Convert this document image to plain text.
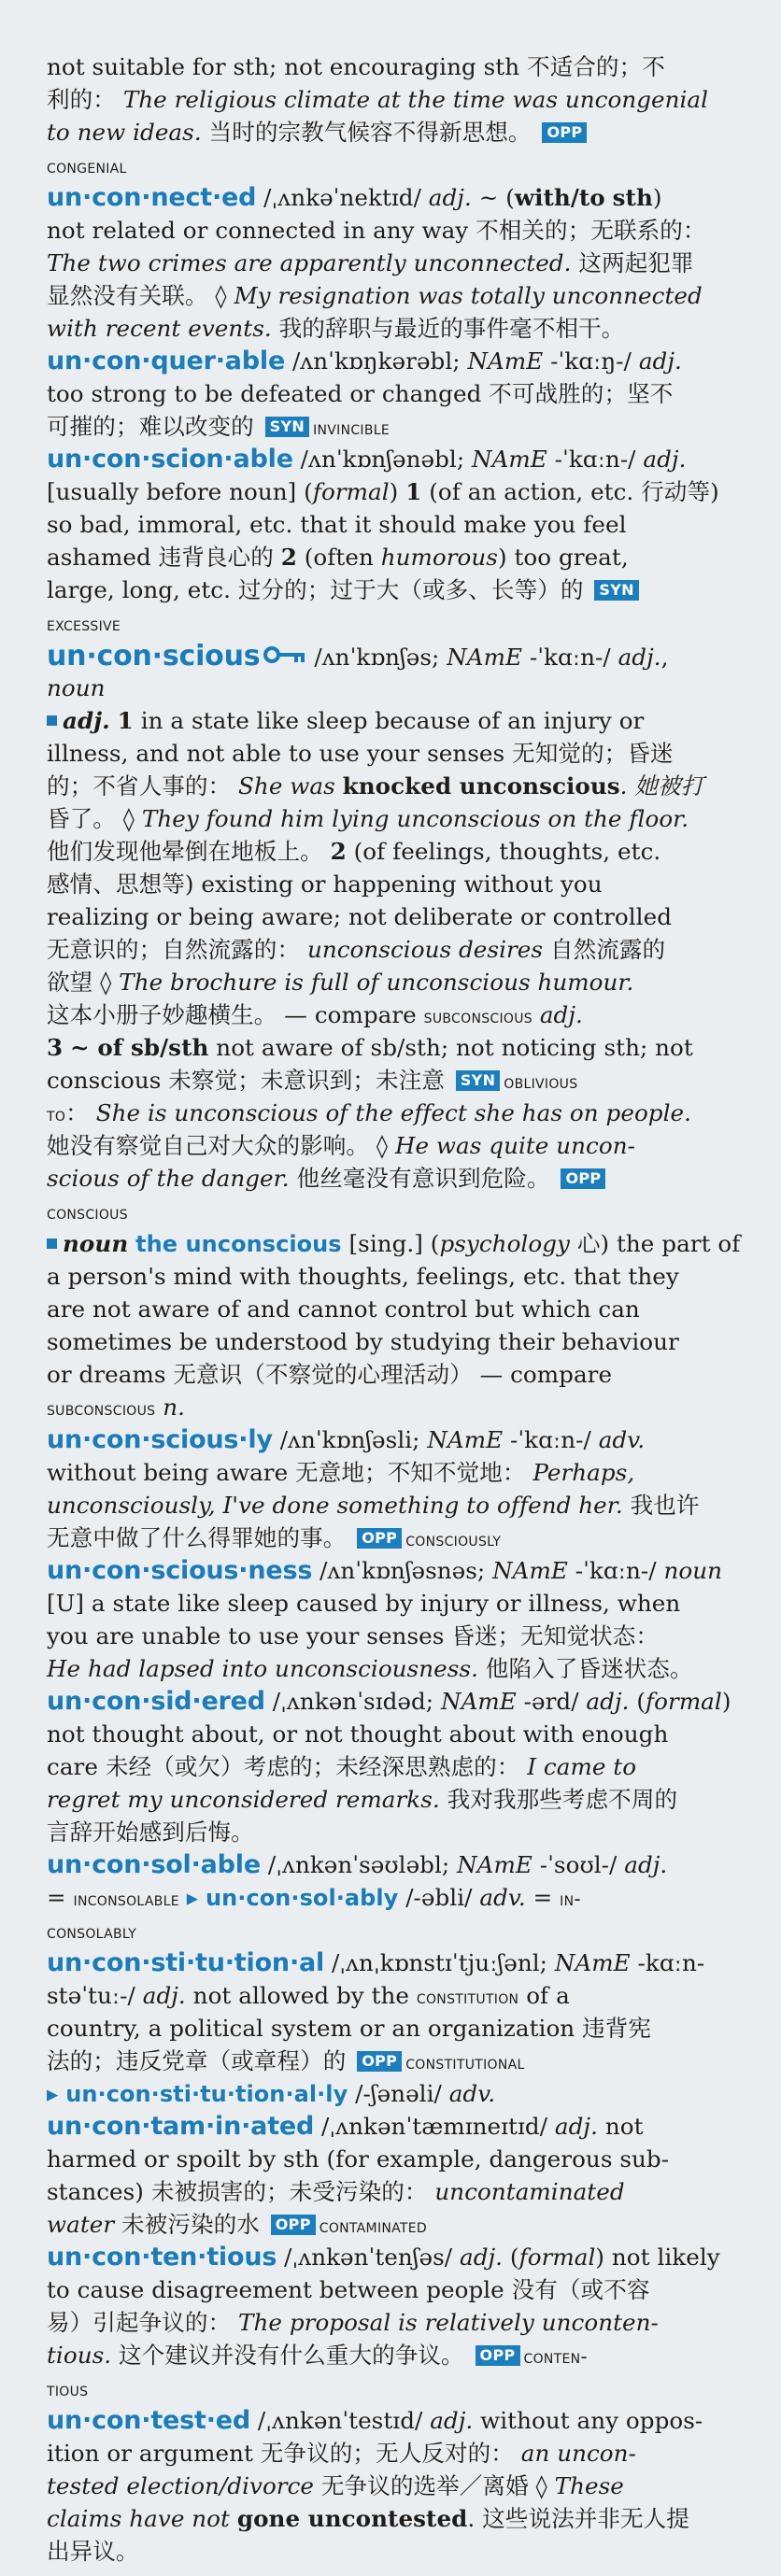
not suitable for sth; not encouraging sth 不适合的；不

利的： The religious climate at the time was uncongenial

to new ideas. 当时的宗教气候容不得新思想。 OPP

congenial

un·con·nect·ed /ˌʌnkəˈnektɪd/ adj. ~ (with/to sth)

not related or connected in any way 不相关的；无联系的：

The two crimes are apparently unconnected. 这两起犯罪

显然没有关联。 ◊ My resignation was totally unconnected

with recent events. 我的辞职与最近的事件毫不相干。

un·con·quer·able /ʌnˈkɒŋkərəbl; NAmE -ˈkɑːŋ-/ adj.

too strong to be defeated or changed 不可战胜的；坚不

可摧的；难以改变的 SYN invincible

un·con·scion·able /ʌnˈkɒnʃənəbl; NAmE -ˈkɑːn-/ adj.

[usually before noun] (formal) 1 (of an action, etc. 行动等)

so bad, immoral, etc. that it should make you feel

ashamed 违背良心的 2 (often humorous) too great,

large, long, etc. 过分的；过于大（或多、长等）的 SYN

excessive

un·con·scious /ʌnˈkɒnʃəs; NAmE -ˈkɑːn-/ adj.,

noun

adj. 1 in a state like sleep because of an injury or

illness, and not able to use your senses 无知觉的；昏迷

的；不省人事的： She was knocked unconscious. 她被打

昏了。 ◊ They found him lying unconscious on the floor.

他们发现他晕倒在地板上。 2 (of feelings, thoughts, etc.

感情、思想等) existing or happening without you

realizing or being aware; not deliberate or controlled

无意识的；自然流露的： unconscious desires 自然流露的

欲望 ◊ The brochure is full of unconscious humour.

这本小册子妙趣横生。 — compare subconscious adj.

3 ~ of sb/sth not aware of sb/sth; not noticing sth; not

conscious 未察觉；未意识到；未注意 SYN oblivious

to： She is unconscious of the effect she has on people.

她没有察觉自己对大众的影响。 ◊ He was quite uncon-

scious of the danger. 他丝毫没有意识到危险。 OPP

conscious

noun the unconscious [sing.] (psychology 心) the part of

a person's mind with thoughts, feelings, etc. that they

are not aware of and cannot control but which can

sometimes be understood by studying their behaviour

or dreams 无意识（不察觉的心理活动） — compare

subconscious n.

un·con·scious·ly /ʌnˈkɒnʃəsli; NAmE -ˈkɑːn-/ adv.

without being aware 无意地；不知不觉地： Perhaps,

unconsciously, I've done something to offend her. 我也许

无意中做了什么得罪她的事。 OPP consciously

un·con·scious·ness /ʌnˈkɒnʃəsnəs; NAmE -ˈkɑːn-/ noun

[U] a state like sleep caused by injury or illness, when

you are unable to use your senses 昏迷；无知觉状态：

He had lapsed into unconsciousness. 他陷入了昏迷状态。

un·con·sid·ered /ˌʌnkənˈsɪdəd; NAmE -ərd/ adj. (formal)

not thought about, or not thought about with enough

care 未经（或欠）考虑的；未经深思熟虑的： I came to

regret my unconsidered remarks. 我对我那些考虑不周的

言辞开始感到后悔。

un·con·sol·able /ˌʌnkənˈsəʊləbl; NAmE -ˈsoʊl-/ adj.

= inconsolable ▸ un·con·sol·ably /-əbli/ adv. = in-

consolably

un·con·sti·tu·tion·al /ˌʌnˌkɒnstɪˈtjuːʃənl; NAmE -kɑːn-

stəˈtuː-/ adj. not allowed by the constitution of a

country, a political system or an organization 违背宪

法的；违反党章（或章程）的 OPP constitutional

▸ un·con·sti·tu·tion·al·ly /-ʃənəli/ adv.

un·con·tam·in·ated /ˌʌnkənˈtæmɪneɪtɪd/ adj. not

harmed or spoilt by sth (for example, dangerous sub-

stances) 未被损害的；未受污染的： uncontaminated

water 未被污染的水 OPP contaminated

un·con·ten·tious /ˌʌnkənˈtenʃəs/ adj. (formal) not likely

to cause disagreement between people 没有（或不容

易）引起争议的： The proposal is relatively unconten-

tious. 这个建议并没有什么重大的争议。 OPP conten-

tious

un·con·test·ed /ˌʌnkənˈtestɪd/ adj. without any oppos-

ition or argument 无争议的；无人反对的： an uncon-

tested election/divorce 无争议的选举／离婚 ◊ These

claims have not gone uncontested. 这些说法并非无人提

出异议。
